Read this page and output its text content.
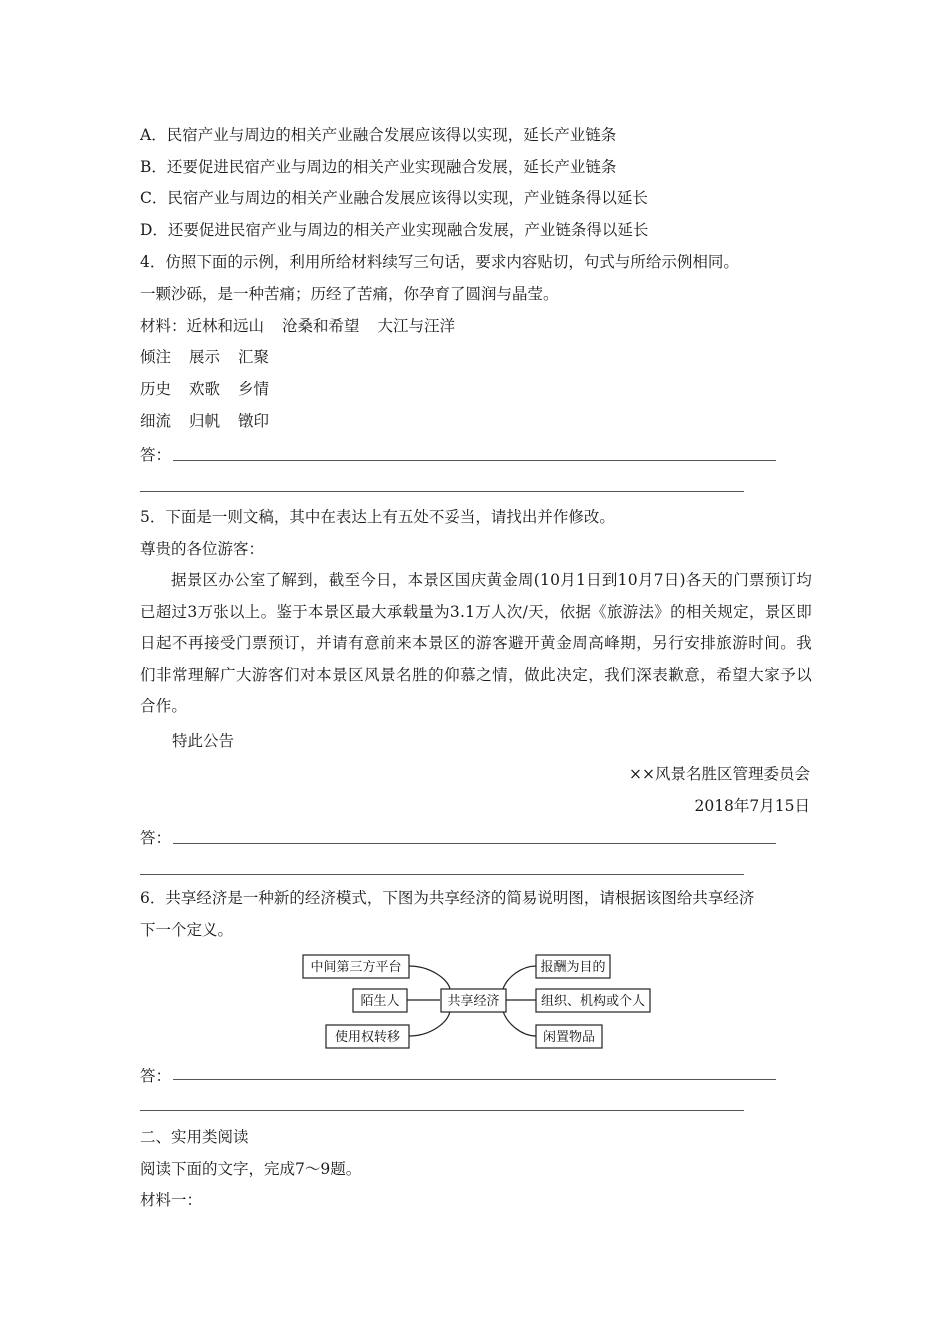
A．民宿产业与周边的相关产业融合发展应该得以实现，延长产业链条
B．还要促进民宿产业与周边的相关产业实现融合发展，延长产业链条
C．民宿产业与周边的相关产业融合发展应该得以实现，产业链条得以延长
D．还要促进民宿产业与周边的相关产业实现融合发展，产业链条得以延长
4．仿照下面的示例，利用所给材料续写三句话，要求内容贴切，句式与所给示例相同。
一颗沙砾，是一种苦痛；历经了苦痛，你孕育了圆润与晶莹。
材料：近林和远山 沧桑和希望 大江与汪洋
倾注 展示 汇聚
历史 欢歌 乡情
细流 归帆 镦印
答：
5．下面是一则文稿，其中在表达上有五处不妥当，请找出并作修改。
尊贵的各位游客：
据景区办公室了解到，截至今日，本景区国庆黄金周(10月1日到10月7日)各天的门票预订均已超过3万张以上。鉴于本景区最大承载量为3.1万人次/天，依据《旅游法》的相关规定，景区即日起不再接受门票预订，并请有意前来本景区的游客避开黄金周高峰期，另行安排旅游时间。我们非常理解广大游客们对本景区风景名胜的仰慕之情，做此决定，我们深表歉意，希望大家予以合作。
特此公告
××风景名胜区管理委员会
2018年7月15日
答：
6．共享经济是一种新的经济模式，下图为共享经济的简易说明图，请根据该图给共享经济
下一个定义。
中间第三方平台
陌生人
使用权转移
共享经济
报酬为目的
组织、机构或个人
闲置物品
答：
二、实用类阅读
阅读下面的文字，完成7～9题。
材料一：
